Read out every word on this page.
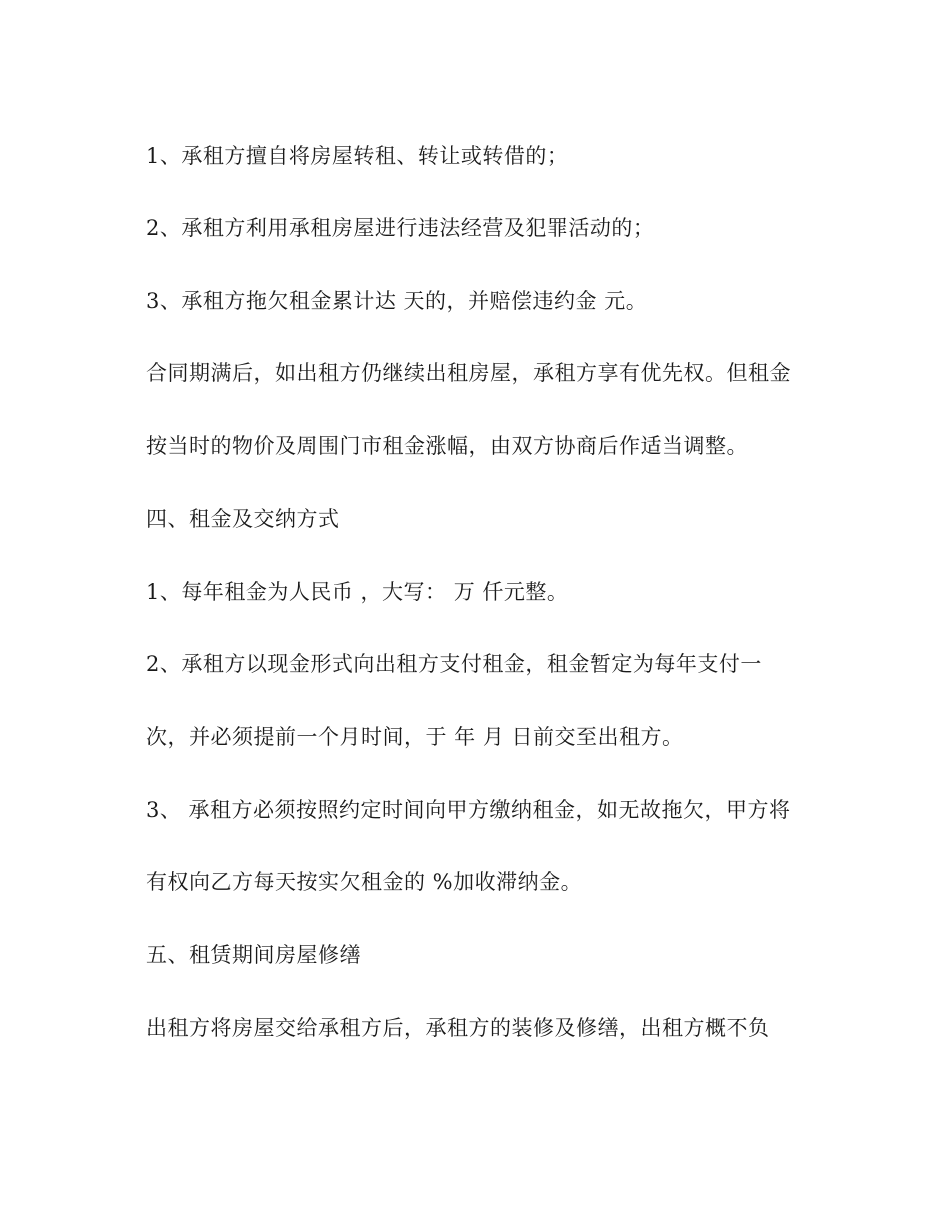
1、承租方擅自将房屋转租、转让或转借的；
2、承租方利用承租房屋进行违法经营及犯罪活动的；
3、承租方拖欠租金累计达 天的，并赔偿违约金 元。
合同期满后，如出租方仍继续出租房屋，承租方享有优先权。但租金
按当时的物价及周围门市租金涨幅，由双方协商后作适当调整。
四、租金及交纳方式
1、每年租金为人民币 ，大写： 万 仟元整。
2、承租方以现金形式向出租方支付租金，租金暂定为每年支付一
次，并必须提前一个月时间，于 年 月 日前交至出租方。
3、 承租方必须按照约定时间向甲方缴纳租金，如无故拖欠，甲方将
有权向乙方每天按实欠租金的 %加收滞纳金。
五、租赁期间房屋修缮
出租方将房屋交给承租方后，承租方的装修及修缮，出租方概不负
